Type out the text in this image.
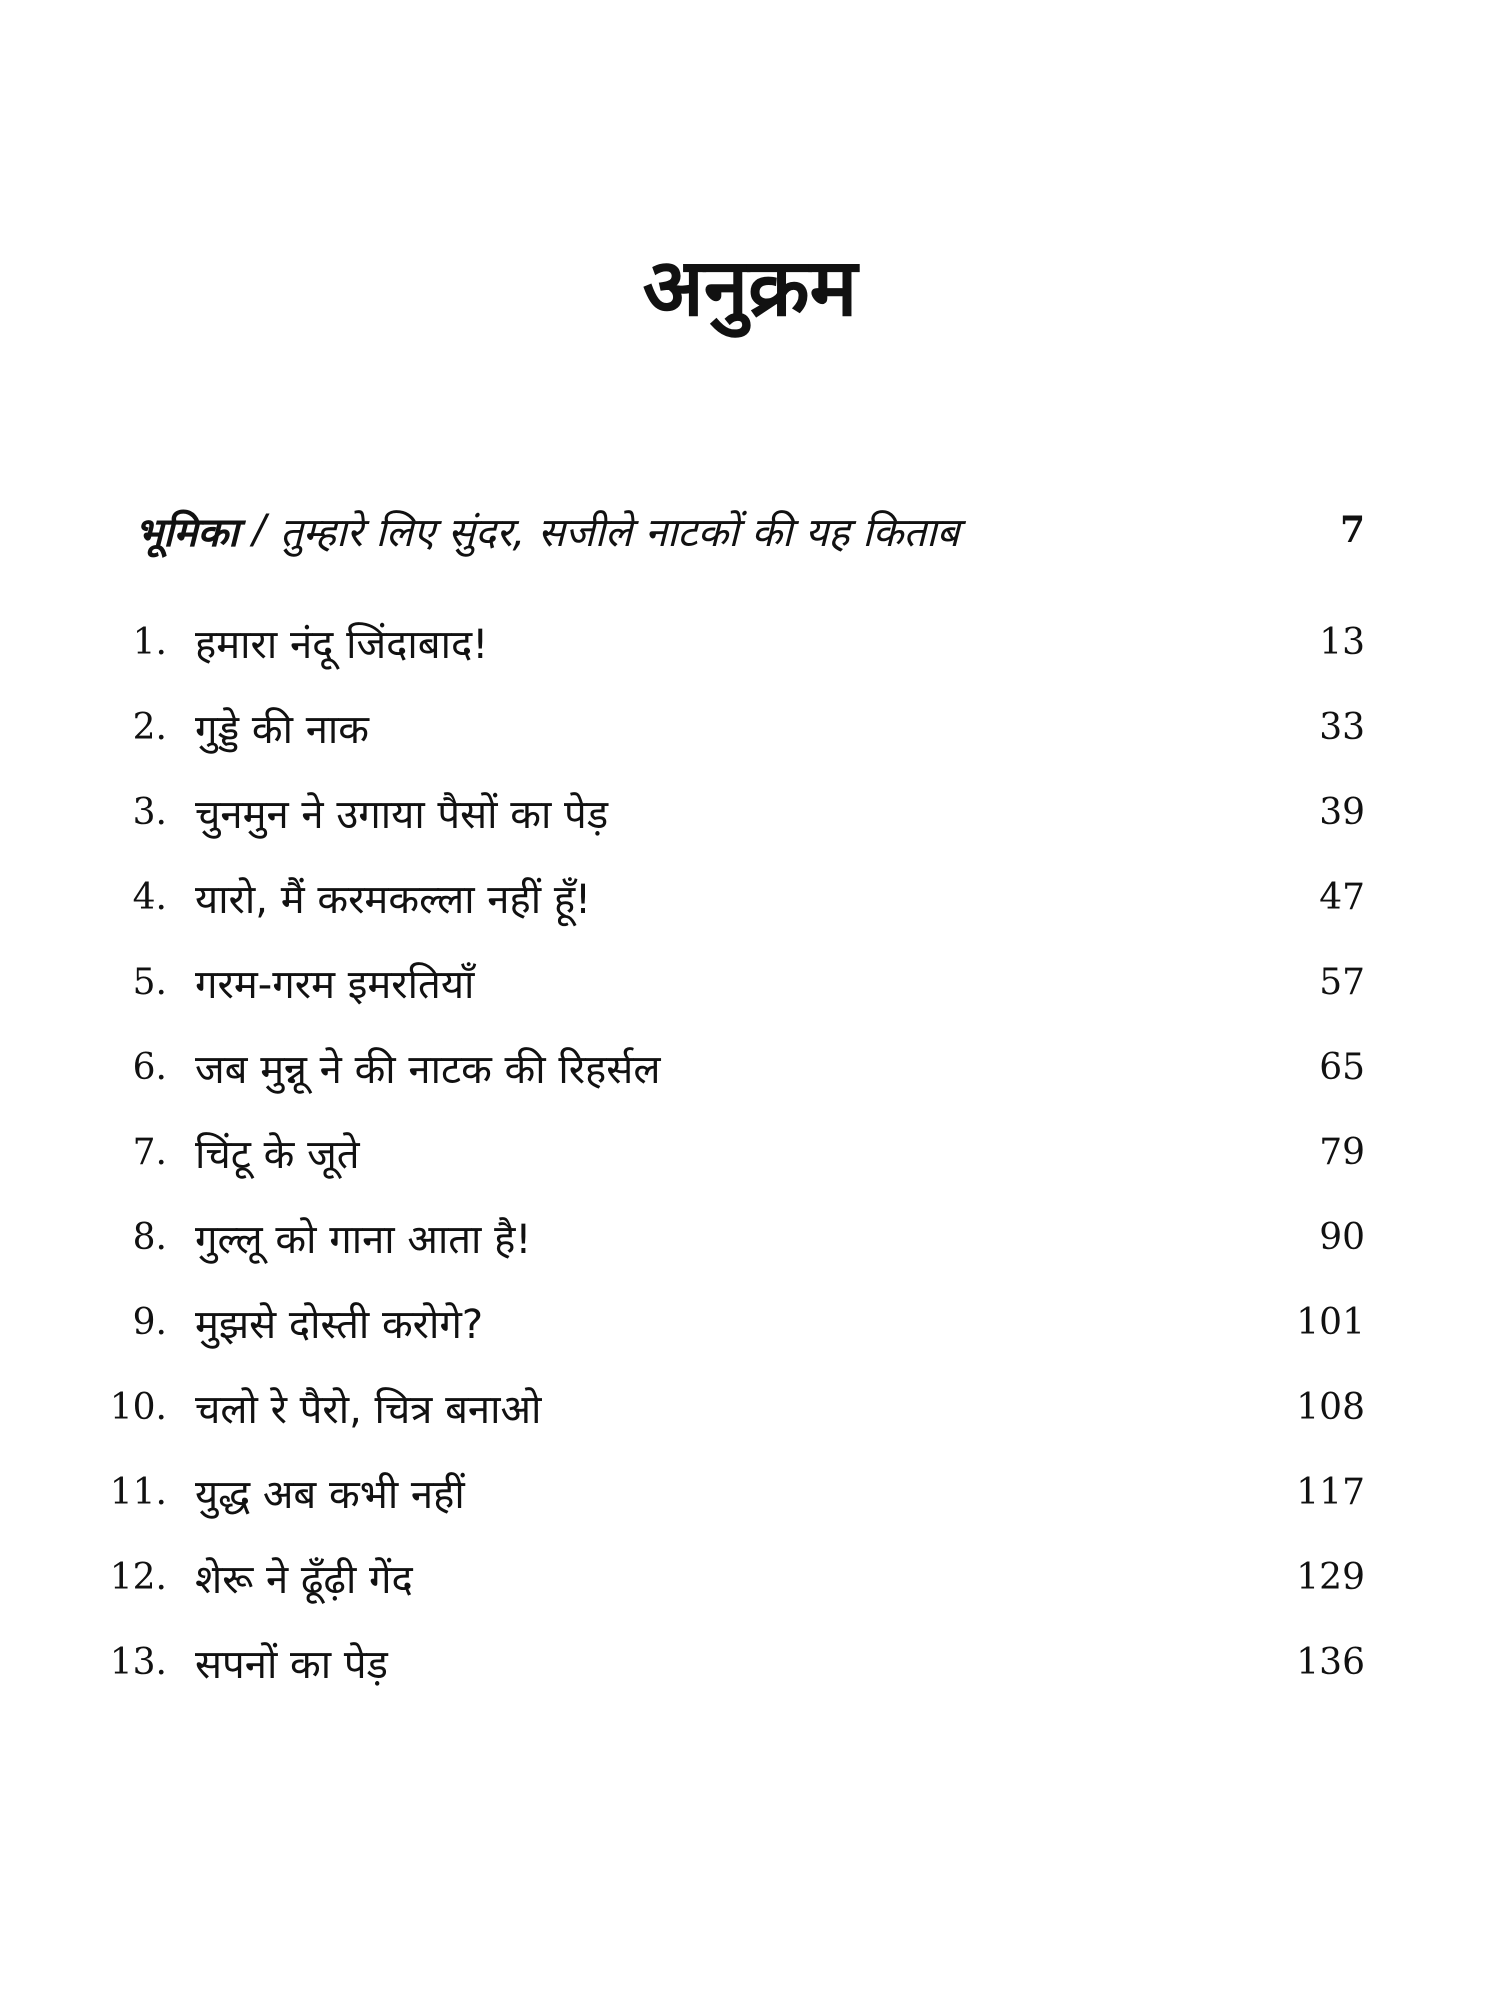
अनुक्रम
भूमिका / तुम्हारे लिए सुंदर, सजीले नाटकों की यह किताब	7
1. हमारा नंदू जिंदाबाद!	13
2. गुड्डे की नाक	33
3. चुनमुन ने उगाया पैसों का पेड़	39
4. यारो, मैं करमकल्ला नहीं हूँ!	47
5. गरम-गरम इमरतियाँ	57
6. जब मुन्नू ने की नाटक की रिहर्सल	65
7. चिंटू के जूते	79
8. गुल्लू को गाना आता है!	90
9. मुझसे दोस्ती करोगे?	101
10. चलो रे पैरो, चित्र बनाओ	108
11. युद्ध अब कभी नहीं	117
12. शेरू ने ढूँढ़ी गेंद	129
13. सपनों का पेड़	136
